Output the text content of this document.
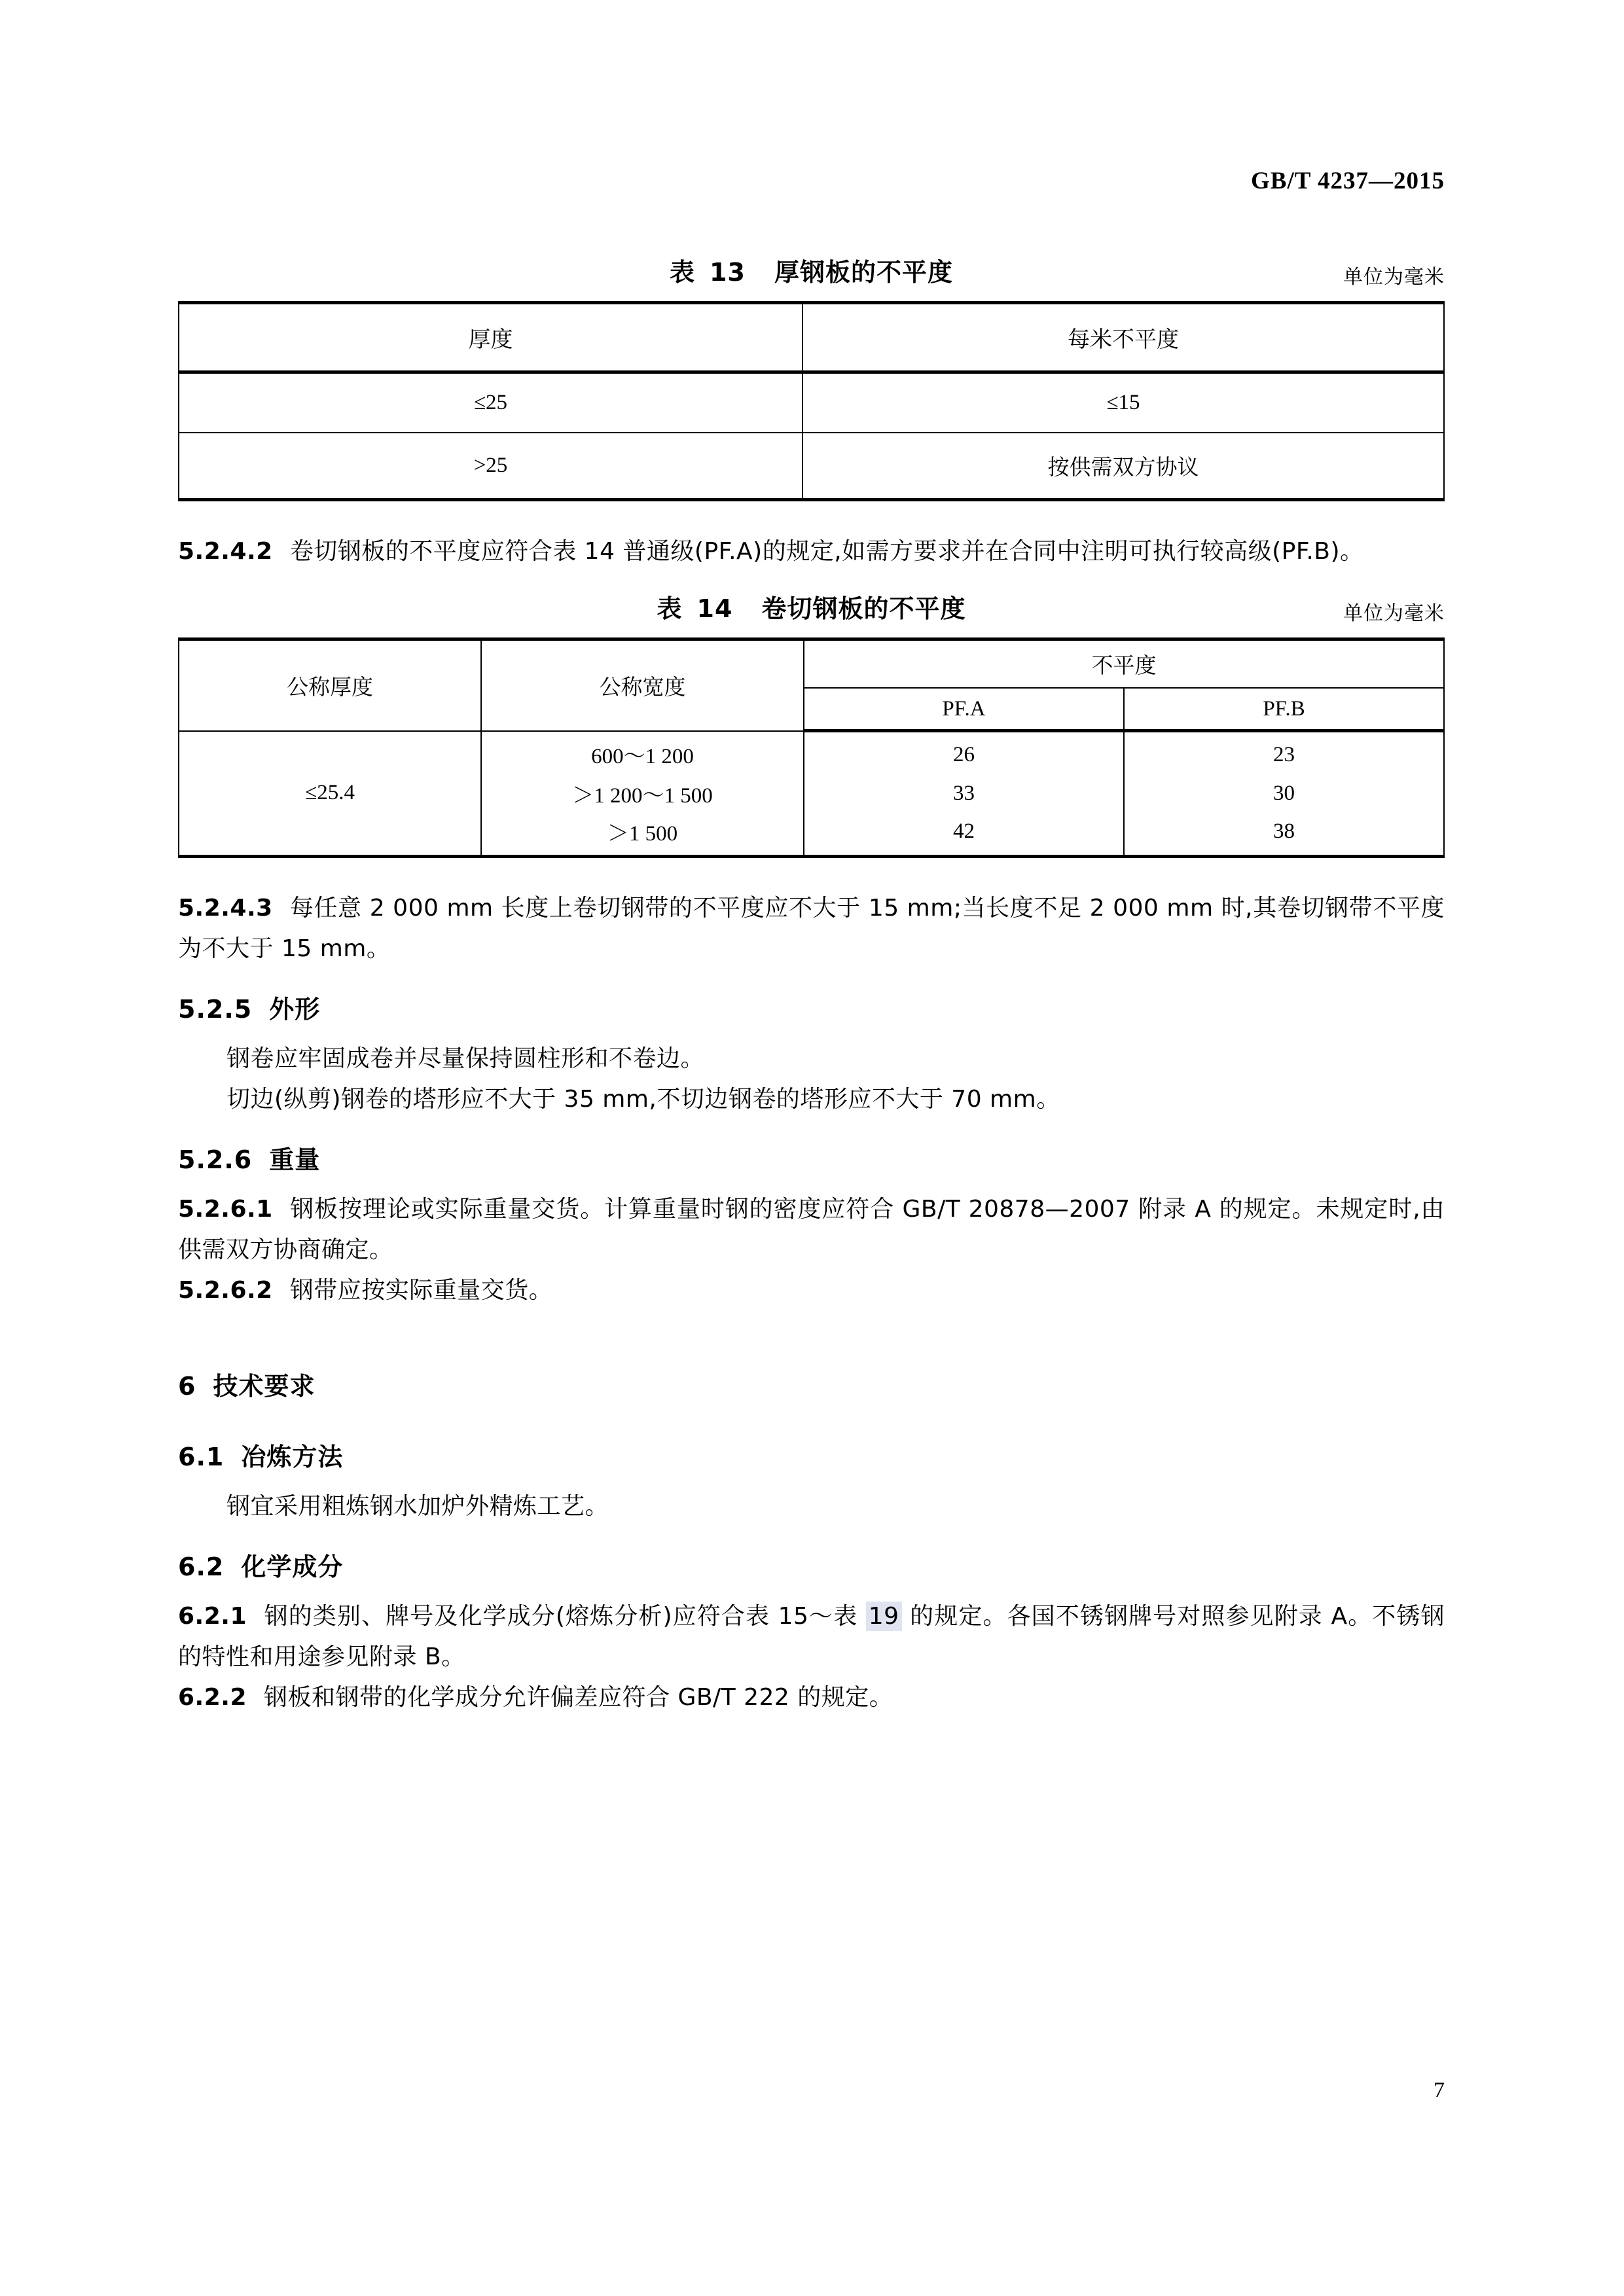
GB/T 4237—2015
表 13 厚钢板的不平度	单位为毫米
厚度	每米不平度

≤25	≤15

>25	按供需双方协议

5.2.4.2 卷切钢板的不平度应符合表 14 普通级(PF.A)的规定,如需方要求并在合同中注明可执行较高级(PF.B)。

表 14 卷切钢板的不平度	单位为毫米
公称厚度	公称宽度	不平度	

		PF.A	PF.B

≤25.4	600～1 200	26	23

	＞1 200～1 500	33	30

	＞1 500	42	38

5.2.4.3 每任意 2 000 mm 长度上卷切钢带的不平度应不大于 15 mm;当长度不足 2 000 mm 时,其卷切钢带不平度为不大于 15 mm。

5.2.5 外形

钢卷应牢固成卷并尽量保持圆柱形和不卷边。

切边(纵剪)钢卷的塔形应不大于 35 mm,不切边钢卷的塔形应不大于 70 mm。

5.2.6 重量

5.2.6.1 钢板按理论或实际重量交货。计算重量时钢的密度应符合 GB/T 20878—2007 附录 A 的规定。未规定时,由供需双方协商确定。

5.2.6.2 钢带应按实际重量交货。

6 技术要求
6.1 冶炼方法

钢宜采用粗炼钢水加炉外精炼工艺。

6.2 化学成分

6.2.1 钢的类别、牌号及化学成分(熔炼分析)应符合表 15～表 19 的规定。各国不锈钢牌号对照参见附录 A。不锈钢的特性和用途参见附录 B。

6.2.2 钢板和钢带的化学成分允许偏差应符合 GB/T 222 的规定。

7
